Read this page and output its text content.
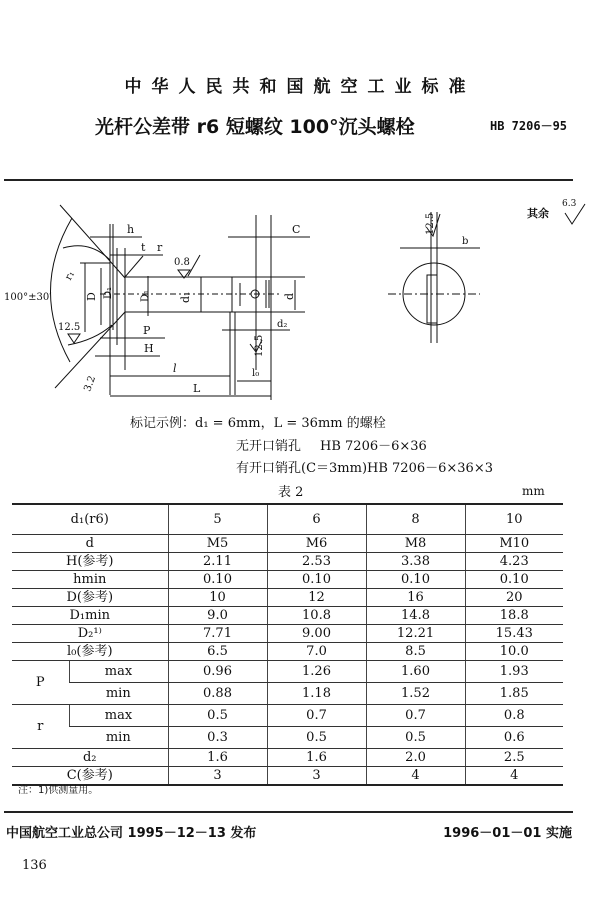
中华人民共和国航空工业标准
光杆公差带 r6 短螺纹 100°沉头螺栓	HB 7206－95
100°±30′
C
d
d₁
D₁
D D₁
d₂
h
t r
r₁
0.8
12.5	P
H
3.2
l
L
l₀
12.5
b
12.5	其余
6.3
标记示例：d₁ = 6mm，L = 36mm 的螺栓
无开口销孔 HB 7206－6×36
有开口销孔(C＝3mm)HB 7206－6×36×3
表 2	mm
d₁(r6)		5	6	8	10
d		M5	M6	M8	M10
H(参考)		2.11	2.53	3.38	4.23
hmin		0.10	0.10	0.10	0.10
D(参考)		10	12	16	20
D₁min		9.0	10.8	14.8	18.8
D₂¹⁾		7.71	9.00	12.21	15.43
l₀(参考)		6.5	7.0	8.5	10.0
P	max	0.96	1.26	1.60	1.93
	min	0.88	1.18	1.52	1.85
r	max	0.5	0.7	0.7	0.8
	min	0.3	0.5	0.5	0.6
d₂		1.6	1.6	2.0	2.5
C(参考)		3	3	4	4
注：1)供测量用。
中国航空工业总公司 1995－12－13 发布	1996－01－01 实施
136
